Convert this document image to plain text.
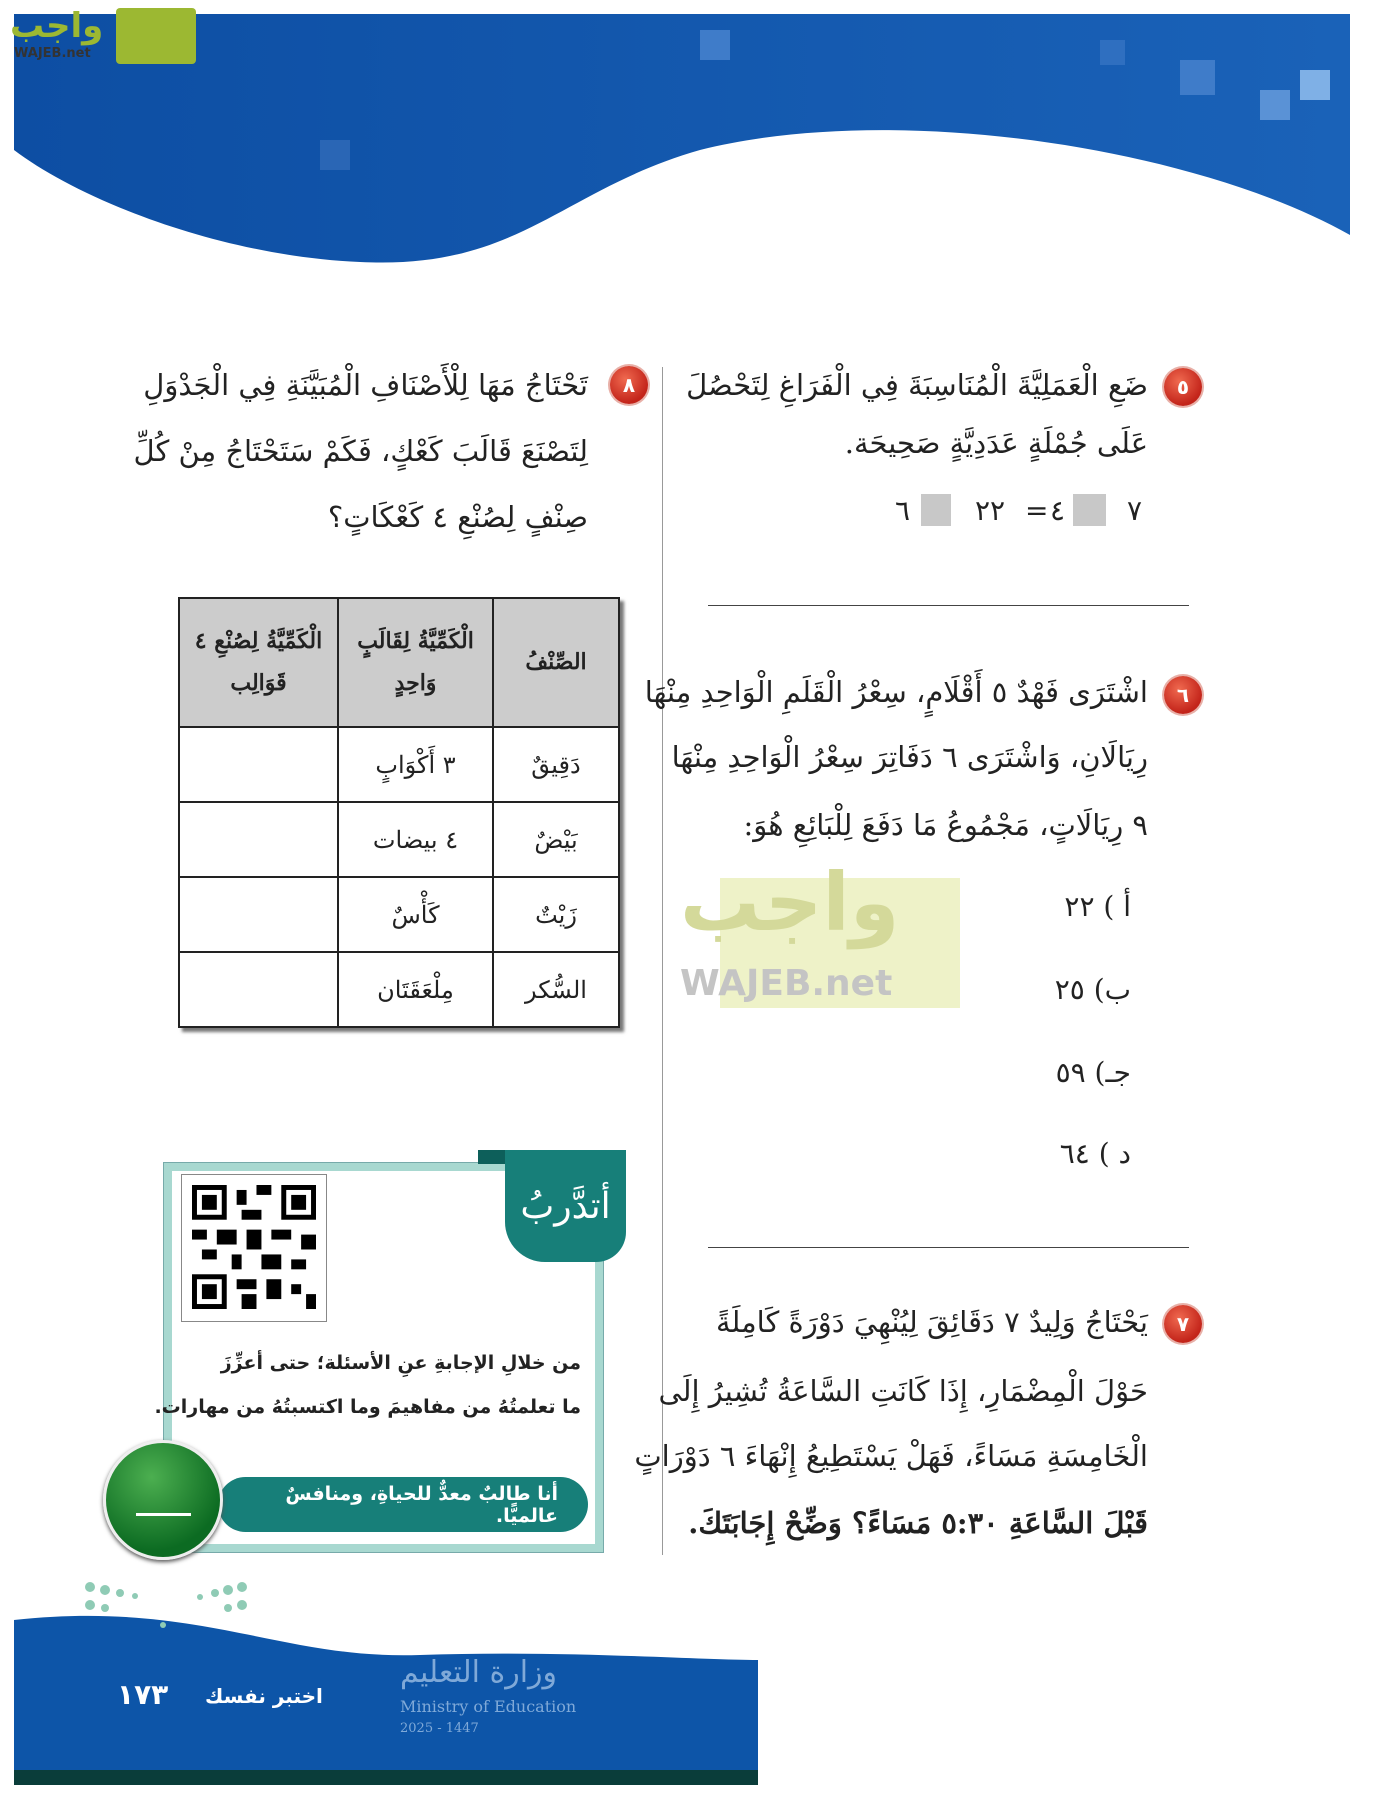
واجب
WAJEB.net
٥
ضَعِ الْعَمَلِيَّةَ الْمُنَاسِبَةَ فِي الْفَرَاغِ لِتَحْصُلَ
عَلَى جُمْلَةٍ عَدَدِيَّةٍ صَحِيحَة.
٦ ٢٢ = ٤ ٧
٦
اشْتَرَى فَهْدٌ ٥ أَقْلَامٍ، سِعْرُ الْقَلَمِ الْوَاحِدِ مِنْهَا
رِيَالَانِ، وَاشْتَرَى ٦ دَفَاتِرَ سِعْرُ الْوَاحِدِ مِنْهَا
٩ رِيَالَاتٍ، مَجْمُوعُ مَا دَفَعَ لِلْبَائِعِ هُوَ:
أ ) ٢٢
ب) ٢٥
جـ) ٥٩
د ) ٦٤
٧
يَحْتَاجُ وَلِيدٌ ٧ دَقَائِقَ لِيُنْهِيَ دَوْرَةً كَامِلَةً
حَوْلَ الْمِضْمَارِ، إِذَا كَانَتِ السَّاعَةُ تُشِيرُ إِلَى
الْخَامِسَةِ مَسَاءً، فَهَلْ يَسْتَطِيعُ إِنْهَاءَ ٦ دَوْرَاتٍ
قَبْلَ السَّاعَةِ ٥:٣٠ مَسَاءً؟ وَضِّحْ إِجَابَتَكَ.
٨
تَحْتَاجُ مَهَا لِلْأَصْنَافِ الْمُبَيَّنَةِ فِي الْجَدْوَلِ
لِتَصْنَعَ قَالَبَ كَعْكٍ، فَكَمْ سَتَحْتَاجُ مِنْ كُلِّ
صِنْفٍ لِصُنْعِ ٤ كَعْكَاتٍ؟
الصِّنْفُ	الْكَمِّيَّةُ لِقَالَبٍ وَاحِدٍ	الْكَمِّيَّةُ لِصُنْعِ ٤ قَوَالِب
دَقِيقٌ	٣ أَكْوَابٍ	
بَيْضٌ	٤ بيضات	
زَيْتٌ	كَأْسٌ	
السُّكر	مِلْعَقَتَان	
واجب
WAJEB.net
أتدَّربُ
من خلالِ الإجابةِ عنِ الأسئلة؛ حتى أعزِّزَ
ما تعلمتُهُ من مفاهيمَ وما اكتسبتُهُ من مهارات.
أنا طالبٌ معدٌّ للحياةِ، ومنافسٌ عالميًّا.
وزارة التعليم
Ministry of Education
2025 - 1447
اختبر نفسك
١٧٣
